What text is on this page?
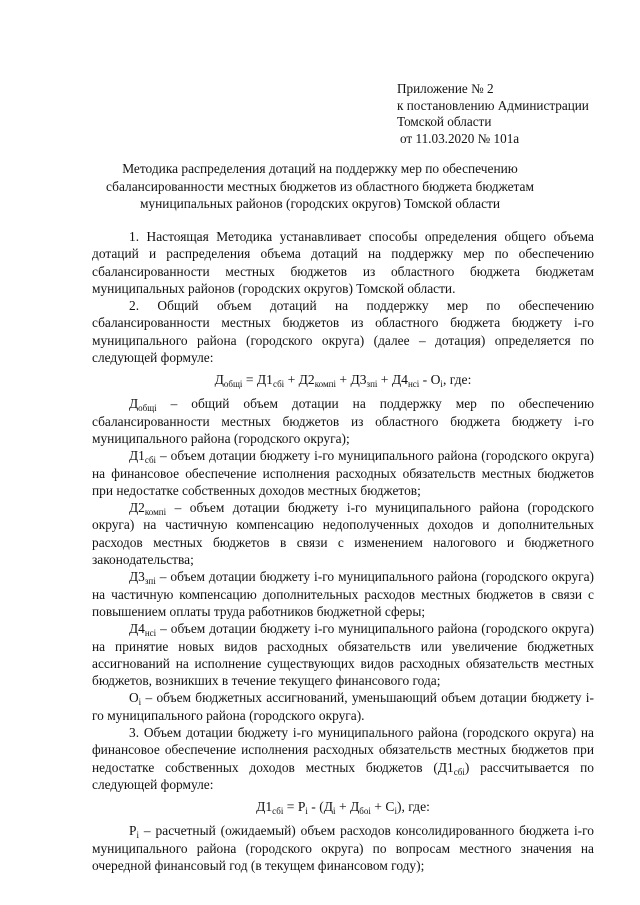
Приложение № 2
к постановлению Администрации
Томской области
от 11.03.2020 № 101а
Методика распределения дотаций на поддержку мер по обеспечению
сбалансированности местных бюджетов из областного бюджета бюджетам
муниципальных районов (городских округов) Томской области

1. Настоящая Методика устанавливает способы определения общего объема дотаций и распределения объема дотаций на поддержку мер по обеспечению сбалансированности местных бюджетов из областного бюджета бюджетам муниципальных районов (городских округов) Томской области.

2. Общий объем дотаций на поддержку мер по обеспечению сбалансированности местных бюджетов из областного бюджета бюджету i-го муниципального района (городского округа) (далее – дотация) определяется по следующей формуле:

$Д_{общi} = Д1_{сбi} + Д2_{компi} + Д3_{зпi} + Д4_{нсi} - О_i$, где:

$Д_{общi}$ – общий объем дотации на поддержку мер по обеспечению сбалансированности местных бюджетов из областного бюджета бюджету i-го муниципального района (городского округа);

$Д1_{сбi}$ – объем дотации бюджету i-го муниципального района (городского округа) на финансовое обеспечение исполнения расходных обязательств местных бюджетов при недостатке собственных доходов местных бюджетов;

$Д2_{компi}$ – объем дотации бюджету i-го муниципального района (городского округа) на частичную компенсацию недополученных доходов и дополнительных расходов местных бюджетов в связи с изменением налогового и бюджетного законодательства;

$Д3_{зпi}$ – объем дотации бюджету i-го муниципального района (городского округа) на частичную компенсацию дополнительных расходов местных бюджетов в связи с повышением оплаты труда работников бюджетной сферы;

$Д4_{нсi}$ – объем дотации бюджету i-го муниципального района (городского округа) на принятие новых видов расходных обязательств или увеличение бюджетных ассигнований на исполнение существующих видов расходных обязательств местных бюджетов, возникших в течение текущего финансового года;

$О_i$ – объем бюджетных ассигнований, уменьшающий объем дотации бюджету i-го муниципального района (городского округа).

3. Объем дотации бюджету i-го муниципального района (городского округа) на финансовое обеспечение исполнения расходных обязательств местных бюджетов при недостатке собственных доходов местных бюджетов $(Д1_{сбi})$ рассчитывается по следующей формуле:

$Д1_{сбi} = Р_i - (Д_i + Д_{боi} + С_i)$, где:

$Р_i$ – расчетный (ожидаемый) объем расходов консолидированного бюджета i-го муниципального района (городского округа) по вопросам местного значения на очередной финансовый год (в текущем финансовом году);
